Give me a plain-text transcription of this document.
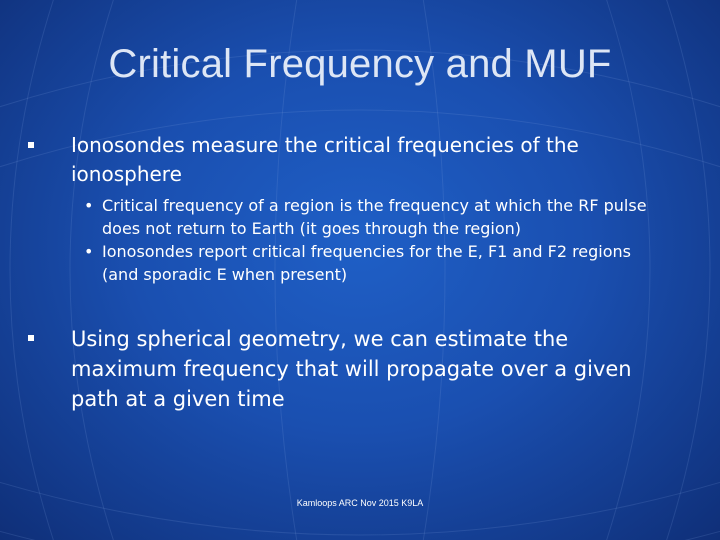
Critical Frequency and MUF
Ionosondes measure the critical frequencies of the ionosphere
• Critical frequency of a region is the frequency at which the RF pulse does not return to Earth (it goes through the region)
• Ionosondes report critical frequencies for the E, F1 and F2 regions (and sporadic E when present)
Using spherical geometry, we can estimate the maximum frequency that will propagate over a given path at a given time
Kamloops ARC Nov 2015 K9LA
